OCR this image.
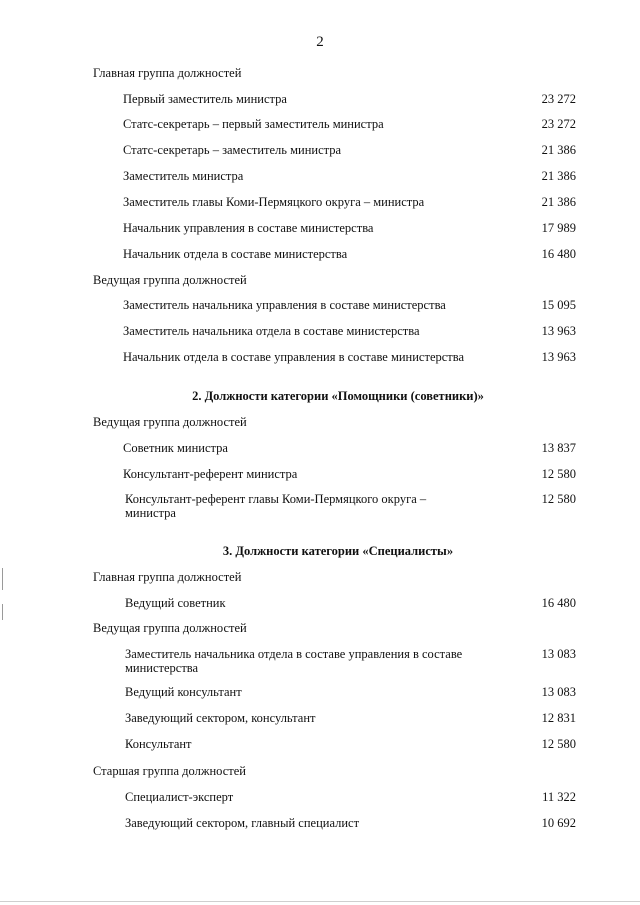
2
Главная группа должностей
Первый заместитель министра	23 272
Статс-секретарь – первый заместитель министра	23 272
Статс-секретарь – заместитель министра	21 386
Заместитель министра	21 386
Заместитель главы Коми-Пермяцкого округа – министра	21 386
Начальник управления в составе министерства	17 989
Начальник отдела в составе министерства	16 480
Ведущая группа должностей
Заместитель начальника управления в составе министерства	15 095
Заместитель начальника отдела в составе министерства	13 963
Начальник отдела в составе управления в составе министерства	13 963
2. Должности категории «Помощники (советники)»
Ведущая группа должностей
Советник министра	13 837
Консультант-референт министра	12 580
Консультант-референт главы Коми-Пермяцкого округа –
министра
12 580
3. Должности категории «Специалисты»
Главная группа должностей
Ведущий советник	16 480
Ведущая группа должностей
Заместитель начальника отдела в составе управления в составе
министерства
13 083
Ведущий консультант	13 083
Заведующий сектором, консультант	12 831
Консультант	12 580
Старшая группа должностей
Специалист-эксперт	11 322
Заведующий сектором, главный специалист	10 692
